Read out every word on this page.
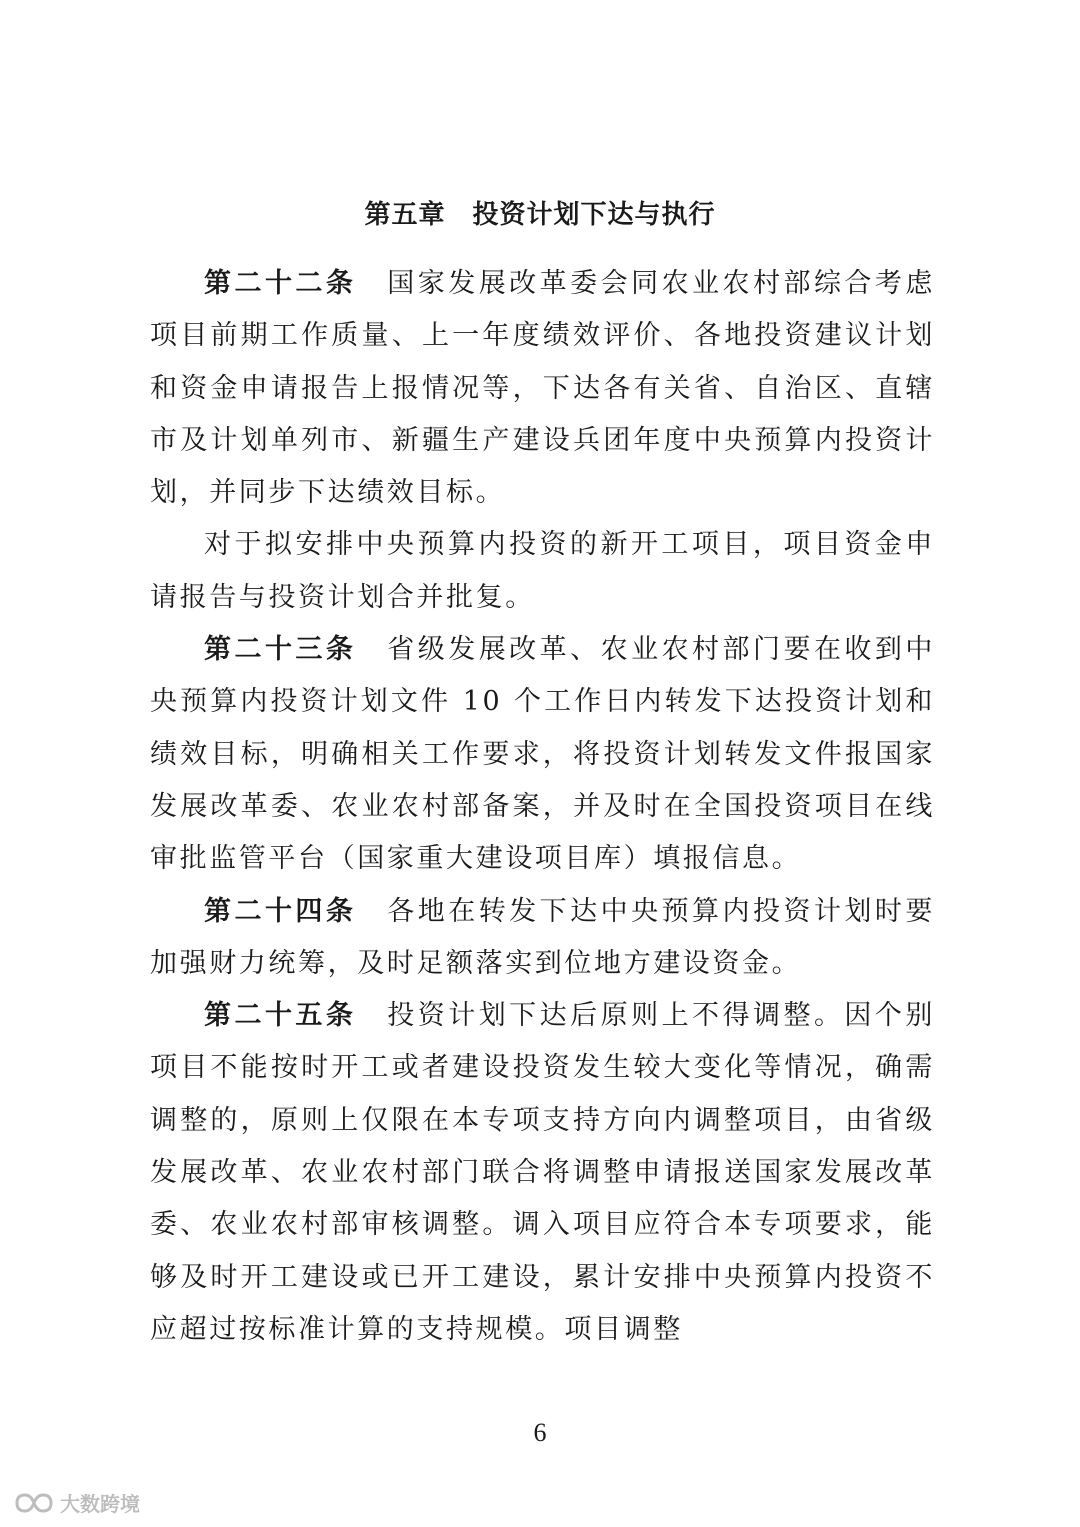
第五章　投资计划下达与执行

第二十二条 国家发展改革委会同农业农村部综合考虑项目前期工作质量、上一年度绩效评价、各地投资建议计划和资金申请报告上报情况等，下达各有关省、自治区、直辖市及计划单列市、新疆生产建设兵团年度中央预算内投资计划，并同步下达绩效目标。

对于拟安排中央预算内投资的新开工项目，项目资金申请报告与投资计划合并批复。

第二十三条 省级发展改革、农业农村部门要在收到中央预算内投资计划文件 10 个工作日内转发下达投资计划和绩效目标，明确相关工作要求，将投资计划转发文件报国家发展改革委、农业农村部备案，并及时在全国投资项目在线审批监管平台（国家重大建设项目库）填报信息。

第二十四条 各地在转发下达中央预算内投资计划时要加强财力统筹，及时足额落实到位地方建设资金。

第二十五条 投资计划下达后原则上不得调整。因个别项目不能按时开工或者建设投资发生较大变化等情况，确需调整的，原则上仅限在本专项支持方向内调整项目，由省级发展改革、农业农村部门联合将调整申请报送国家发展改革委、农业农村部审核调整。调入项目应符合本专项要求，能够及时开工建设或已开工建设，累计安排中央预算内投资不应超过按标准计算的支持规模。项目调整

6
大数跨境
